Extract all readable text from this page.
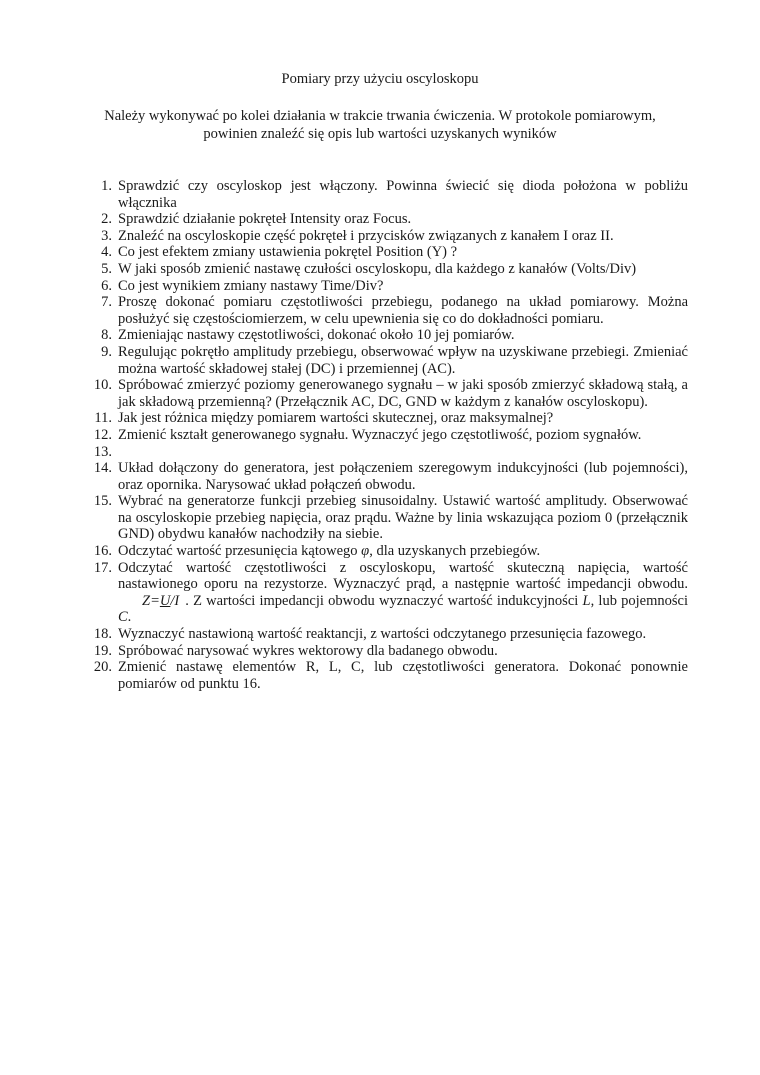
Pomiary przy użyciu oscyloskopu
Należy wykonywać po kolei działania w trakcie trwania ćwiczenia. W protokole pomiarowym,
powinien znaleźć się opis lub wartości uzyskanych wyników
1. Sprawdzić czy oscyloskop jest włączony. Powinna świecić się dioda położona w pobliżu włącznika
2. Sprawdzić działanie pokręteł Intensity oraz Focus.
3. Znaleźć na oscyloskopie część pokręteł i przycisków związanych z kanałem I oraz II.
4. Co jest efektem zmiany ustawienia pokrętel Position (Y) ?
5. W jaki sposób zmienić nastawę czułości oscyloskopu, dla każdego z kanałów (Volts/Div)
6. Co jest wynikiem zmiany nastawy Time/Div?
7. Proszę dokonać pomiaru częstotliwości przebiegu, podanego na układ pomiarowy. Można posłużyć się częstościomierzem, w celu upewnienia się co do dokładności pomiaru.
8. Zmieniając nastawy częstotliwości, dokonać około 10 jej pomiarów.
9. Regulując pokrętło amplitudy przebiegu, obserwować wpływ na uzyskiwane przebiegi. Zmieniać można wartość składowej stałej (DC) i przemiennej (AC).
10. Spróbować zmierzyć poziomy generowanego sygnału – w jaki sposób zmierzyć składową stałą, a jak składową przemienną? (Przełącznik AC, DC, GND w każdym z kanałów oscyloskopu).
11. Jak jest różnica między pomiarem wartości skutecznej, oraz maksymalnej?
12. Zmienić kształt generowanego sygnału. Wyznaczyć jego częstotliwość, poziom sygnałów.
13.
14. Układ dołączony do generatora, jest połączeniem szeregowym indukcyjności (lub pojemności), oraz opornika. Narysować układ połączeń obwodu.
15. Wybrać na generatorze funkcji przebieg sinusoidalny. Ustawić wartość amplitudy. Obserwować na oscyloskopie przebieg napięcia, oraz prądu. Ważne by linia wskazująca poziom 0 (przełącznik GND) obydwu kanałów nachodziły na siebie.
16. Odczytać wartość przesunięcia kątowego φ, dla uzyskanych przebiegów.
17. Odczytać wartość częstotliwości z oscyloskopu, wartość skuteczną napięcia, wartość nastawionego oporu na rezystorze. Wyznaczyć prąd, a następnie wartość impedancji obwodu.Z=U/I . Z wartości impedancji obwodu wyznaczyć wartość indukcyjności L, lub pojemności C.
18. Wyznaczyć nastawioną wartość reaktancji, z wartości odczytanego przesunięcia fazowego.
19. Spróbować narysować wykres wektorowy dla badanego obwodu.
20. Zmienić nastawę elementów R, L, C, lub częstotliwości generatora. Dokonać ponownie pomiarów od punktu 16.
